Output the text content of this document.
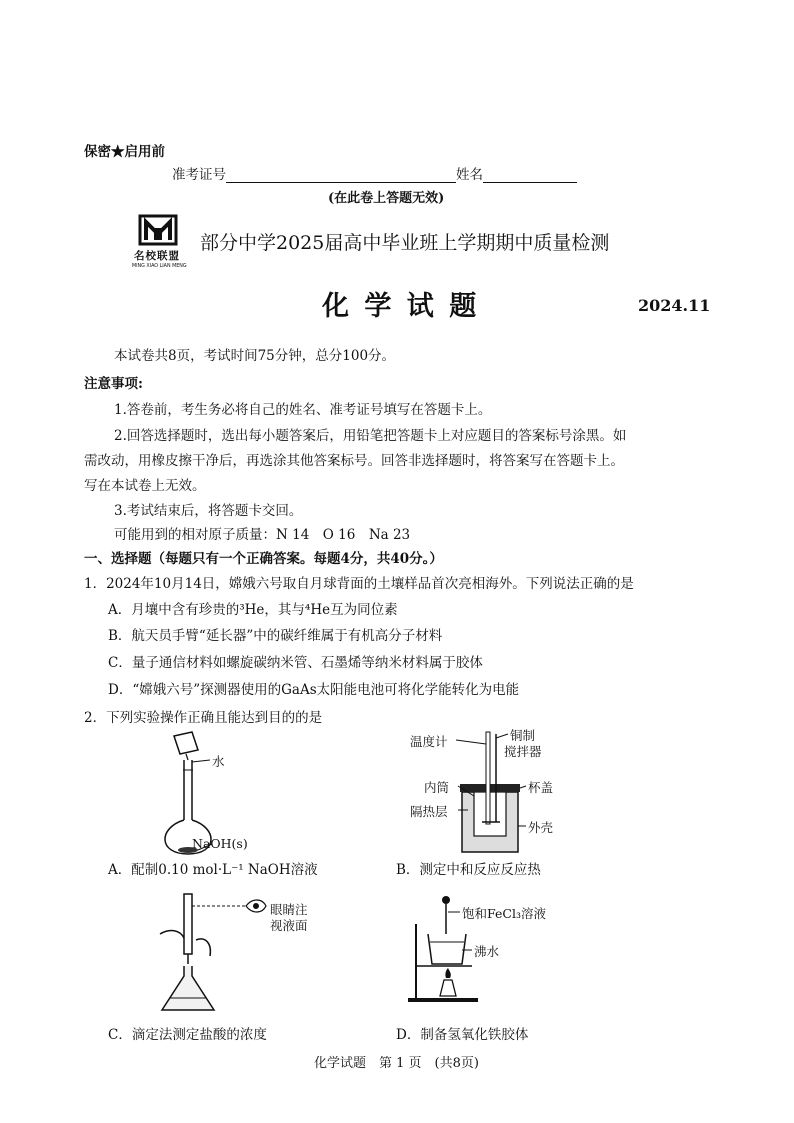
保密★启用前
准考证号	姓名
(在此卷上答题无效)
名校联盟
MING XIAO LIAN MENG
部分中学2025届高中毕业班上学期期中质量检测
化 学 试 题	2024.11
本试卷共8页，考试时间75分钟，总分100分。
注意事项:
1.答卷前，考生务必将自己的姓名、准考证号填写在答题卡上。
2.回答选择题时，选出每小题答案后，用铅笔把答题卡上对应题目的答案标号涂黑。如
需改动，用橡皮擦干净后，再选涂其他答案标号。回答非选择题时，将答案写在答题卡上。
写在本试卷上无效。
3.考试结束后，将答题卡交回。
可能用到的相对原子质量：N 14　O 16　Na 23
一、选择题（每题只有一个正确答案。每题4分，共40分。）
1．2024年10月14日，嫦娥六号取自月球背面的土壤样品首次亮相海外。下列说法正确的是
A．月壤中含有珍贵的³He，其与⁴He互为同位素
B．航天员手臂“延长器”中的碳纤维属于有机高分子材料
C．量子通信材料如螺旋碳纳米管、石墨烯等纳米材料属于胶体
D．“嫦娥六号”探测器使用的GaAs太阳能电池可将化学能转化为电能
2．下列实验操作正确且能达到目的的是
水
NaOH(s)
A．配制0.10 mol·L⁻¹ NaOH溶液
温度计	铜制
搅拌器
内筒	杯盖
隔热层
外壳
B．测定中和反应反应热
眼睛注
视液面
C．滴定法测定盐酸的浓度
饱和FeCl₃溶液
沸水
D．制备氢氧化铁胶体
化学试题　第 1 页　(共8页)
